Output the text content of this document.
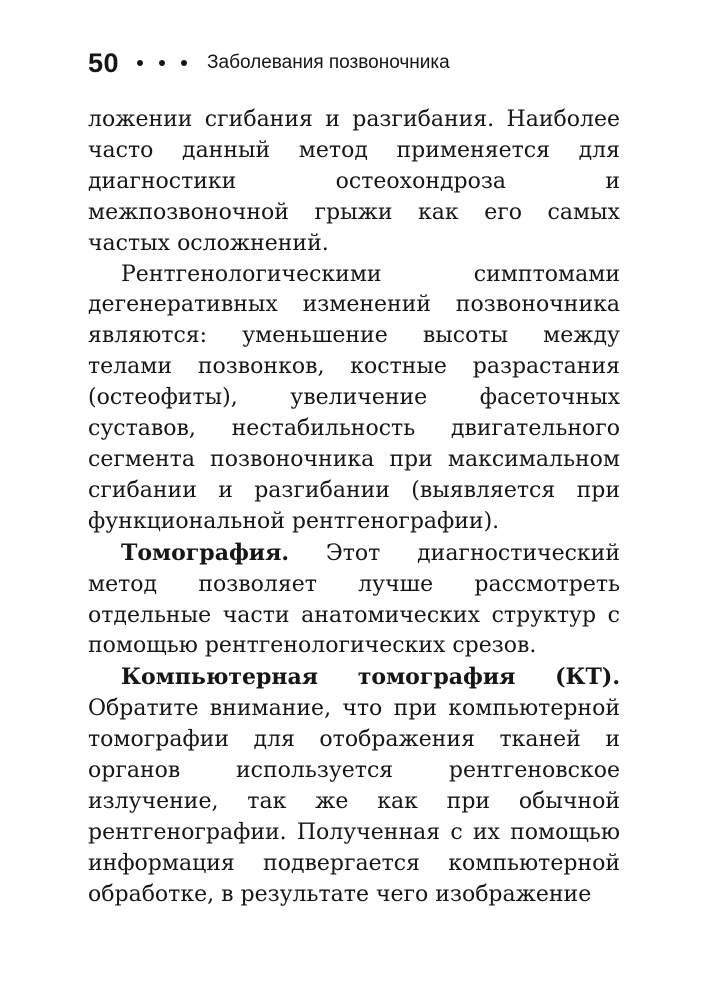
50	Заболевания позвоночника

ложении сгибания и разгибания. Наиболее часто данный метод применяется для диагностики остеохондроза и межпозвоночной грыжи как его самых частых осложнений.

Рентгенологическими симптомами дегенеративных изменений позвоночника являются: уменьшение высоты между телами позвонков, костные разрастания (остеофиты), увеличение фасеточных суставов, нестабильность двигательного сегмента позвоночника при максимальном сгибании и разгибании (выявляется при функциональной рентгенографии).

Томография. Этот диагностический метод позволяет лучше рассмотреть отдельные части анатомических структур с помощью рентгенологических срезов.

Компьютерная томография (КТ). Обратите внимание, что при компьютерной томографии для отображения тканей и органов используется рентгеновское излучение, так же как при обычной рентгенографии. Полученная с их помощью информация подвергается компьютерной обработке, в результате чего изображение
